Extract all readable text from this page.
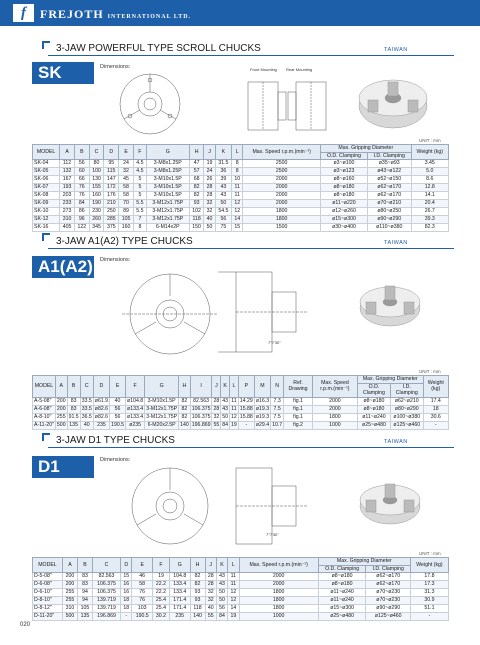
f	FREJOTH INTERNATIONAL LTD.
3-JAW POWERFUL TYPE SCROLL CHUCKS	TAIWAN
SK	Dimensions:	Front Mounting Rear Mounting
UNIT : mm
MODEL	A	B	C	D	E	F	G	H	J	K	L	Max. Speed r.p.m.(min⁻¹)	Max. Gripping Diameter		Weight (kg)
													O.D. Clamping	I.D. Clamping	
SK-04	112	56	80	95	24	4.5	3-M8x1.25P	47	19	31.5	8	2500	ø3~ø100	ø35~ø93	3.45
SK-05	132	60	100	115	32	4.5	3-M8x1.25P	57	24	36	8	2500	ø3~ø123	ø43~ø122	5.0
SK-06	167	66	130	147	45	5	3-M10x1.5P	68	26	39	10	2000	ø8~ø160	ø52~ø150	8.6
SK-07	193	76	155	172	58	5	3-M10x1.5P	82	28	43	11	2000	ø8~ø180	ø62~ø170	12.8
SK-08	203	76	160	176	58	5	3-M10x1.5P	82	28	43	11	2000	ø8~ø180	ø62~ø170	14.1
SK-09	233	84	190	210	70	5.5	3-M12x1.75P	93	32	50	12	2000	ø11~ø220	ø70~ø210	20.4
SK-10	273	86	230	250	89	5.5	3-M12x1.75P	102	32	54.5	12	1800	ø12~ø260	ø80~ø250	26.7
SK-12	310	96	260	285	105	7	3-M12x1.75P	118	40	56	14	1800	ø15~ø300	ø90~ø290	39.3
SK-16	405	122	345	375	160	8	6-M14x2P	150	50	75	15	1500	ø30~ø400	ø110~ø380	82.3
3-JAW A1(A2) TYPE CHUCKS	TAIWAN
A1(A2) Dimensions:
7°7'30"
UNIT : mm
MODEL	A	B	C	D	E	F	G	H	I	J	K	L	P	M	N	Ref. Drawing	Max. Speed r.p.m.(min⁻¹)	Max. Gripping Diameter		Weight (kg)
																		O.D. Clamping	I.D. Clamping	
A-5-08"	200	83	33.5	ø61.9	40	ø104.8	3-M10x1.5P	82	82.563	28	43	11	14.29	ø16.3	7.3	fig.1	2000	ø8~ø180	ø62~ø210	17.4
A-6-08"	200	83	33.5	ø82.6	56	ø133.4	3-M12x1.75P	82	106.375	28	43	11	15.88	ø19.3	7.5	fig.1	2000	ø8~ø180	ø80~ø290	18
A-8-10"	255	91.5	36.5	ø82.6	56	ø133.4	3-M12x1.75P	82	106.375	32	50	12	15.88	ø19.3	7.5	fig.1	1800	ø11~ø240	ø100~ø380	30.6
A-11-20"	500	135	40	235	190.5	ø235	6-M20x2.5P	140	196.869	55	84	19	-	ø29.4	10.7	fig.2	1000	ø25~ø480	ø125~ø460	-
3-JAW D1 TYPE CHUCKS	TAIWAN
D1	Dimensions:
7°7'30"
UNIT : mm
MODEL	A	B	C	D	E	F	G	H	J	K	L	Max. Speed r.p.m.(min⁻¹)	Max. Gripping Diameter		Weight (kg)
													O.D. Clamping	I.D. Clamping	
D-5-08"	200	83	82.563	15	46	19	104.8	82	28	43	11	2000	ø8~ø180	ø62~ø170	17.8
D-6-08"	200	83	106.375	16	58	22.2	133.4	82	28	43	11	2000	ø8~ø180	ø62~ø170	17.3
D-6-10"	255	94	106.375	16	76	22.2	133.4	93	32	50	12	1800	ø11~ø240	ø70~ø230	31.3
D-8-10"	255	94	139.719	18	76	25.4	171.4	93	32	50	12	1800	ø11~ø240	ø70~ø230	30.9
D-8-12"	310	105	139.719	18	103	25.4	171.4	118	40	56	14	1800	ø15~ø300	ø90~ø290	51.1
D-11-20"	500	135	196.869	-	190.5	30.2	235	140	55	84	19	1000	ø25~ø480	ø125~ø460	-
020
